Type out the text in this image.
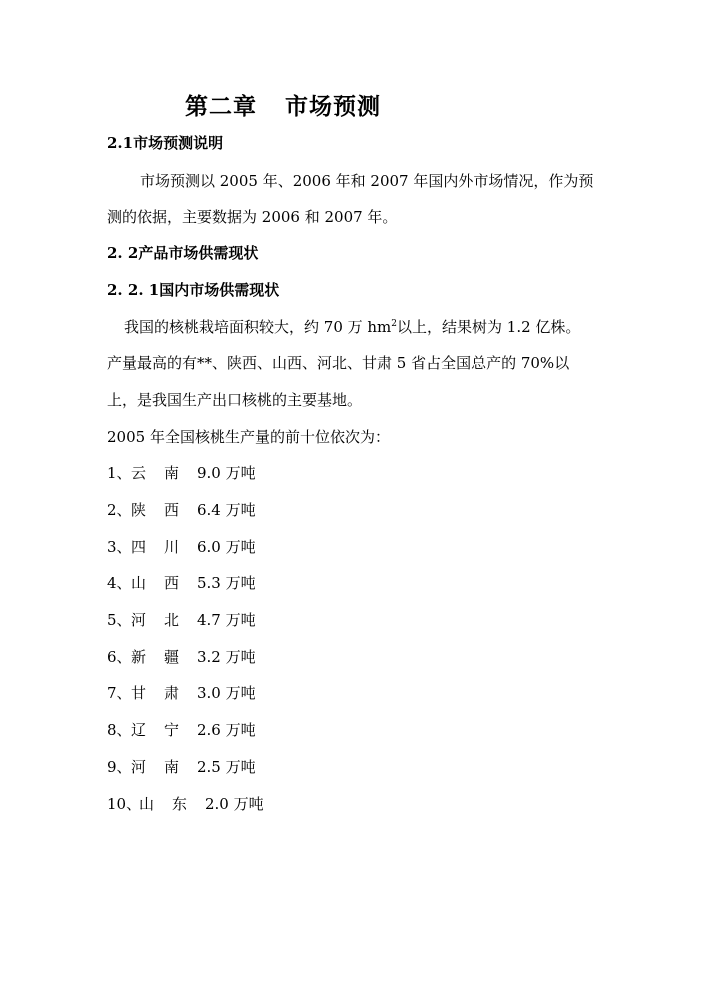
第二章 市场预测
2.1市场预测说明
市场预测以 2005 年、2006 年和 2007 年国内外市场情况，作为预
测的依据，主要数据为 2006 和 2007 年。
2. 2产品市场供需现状
2. 2. 1国内市场供需现状
我国的核桃栽培面积较大，约 70 万 $hm^2$以上，结果树为 1.2 亿株。
产量最高的有**、陕西、山西、河北、甘肃 5 省占全国总产的 70%以
上，是我国生产出口核桃的主要基地。
2005 年全国核桃生产量的前十位依次为：
1、云南9.0 万吨
2、陕西6.4 万吨
3、四川6.0 万吨
4、山西5.3 万吨
5、河北4.7 万吨
6、新疆3.2 万吨
7、甘肃3.0 万吨
8、辽宁2.6 万吨
9、河南2.5 万吨
10、山东2.0 万吨
